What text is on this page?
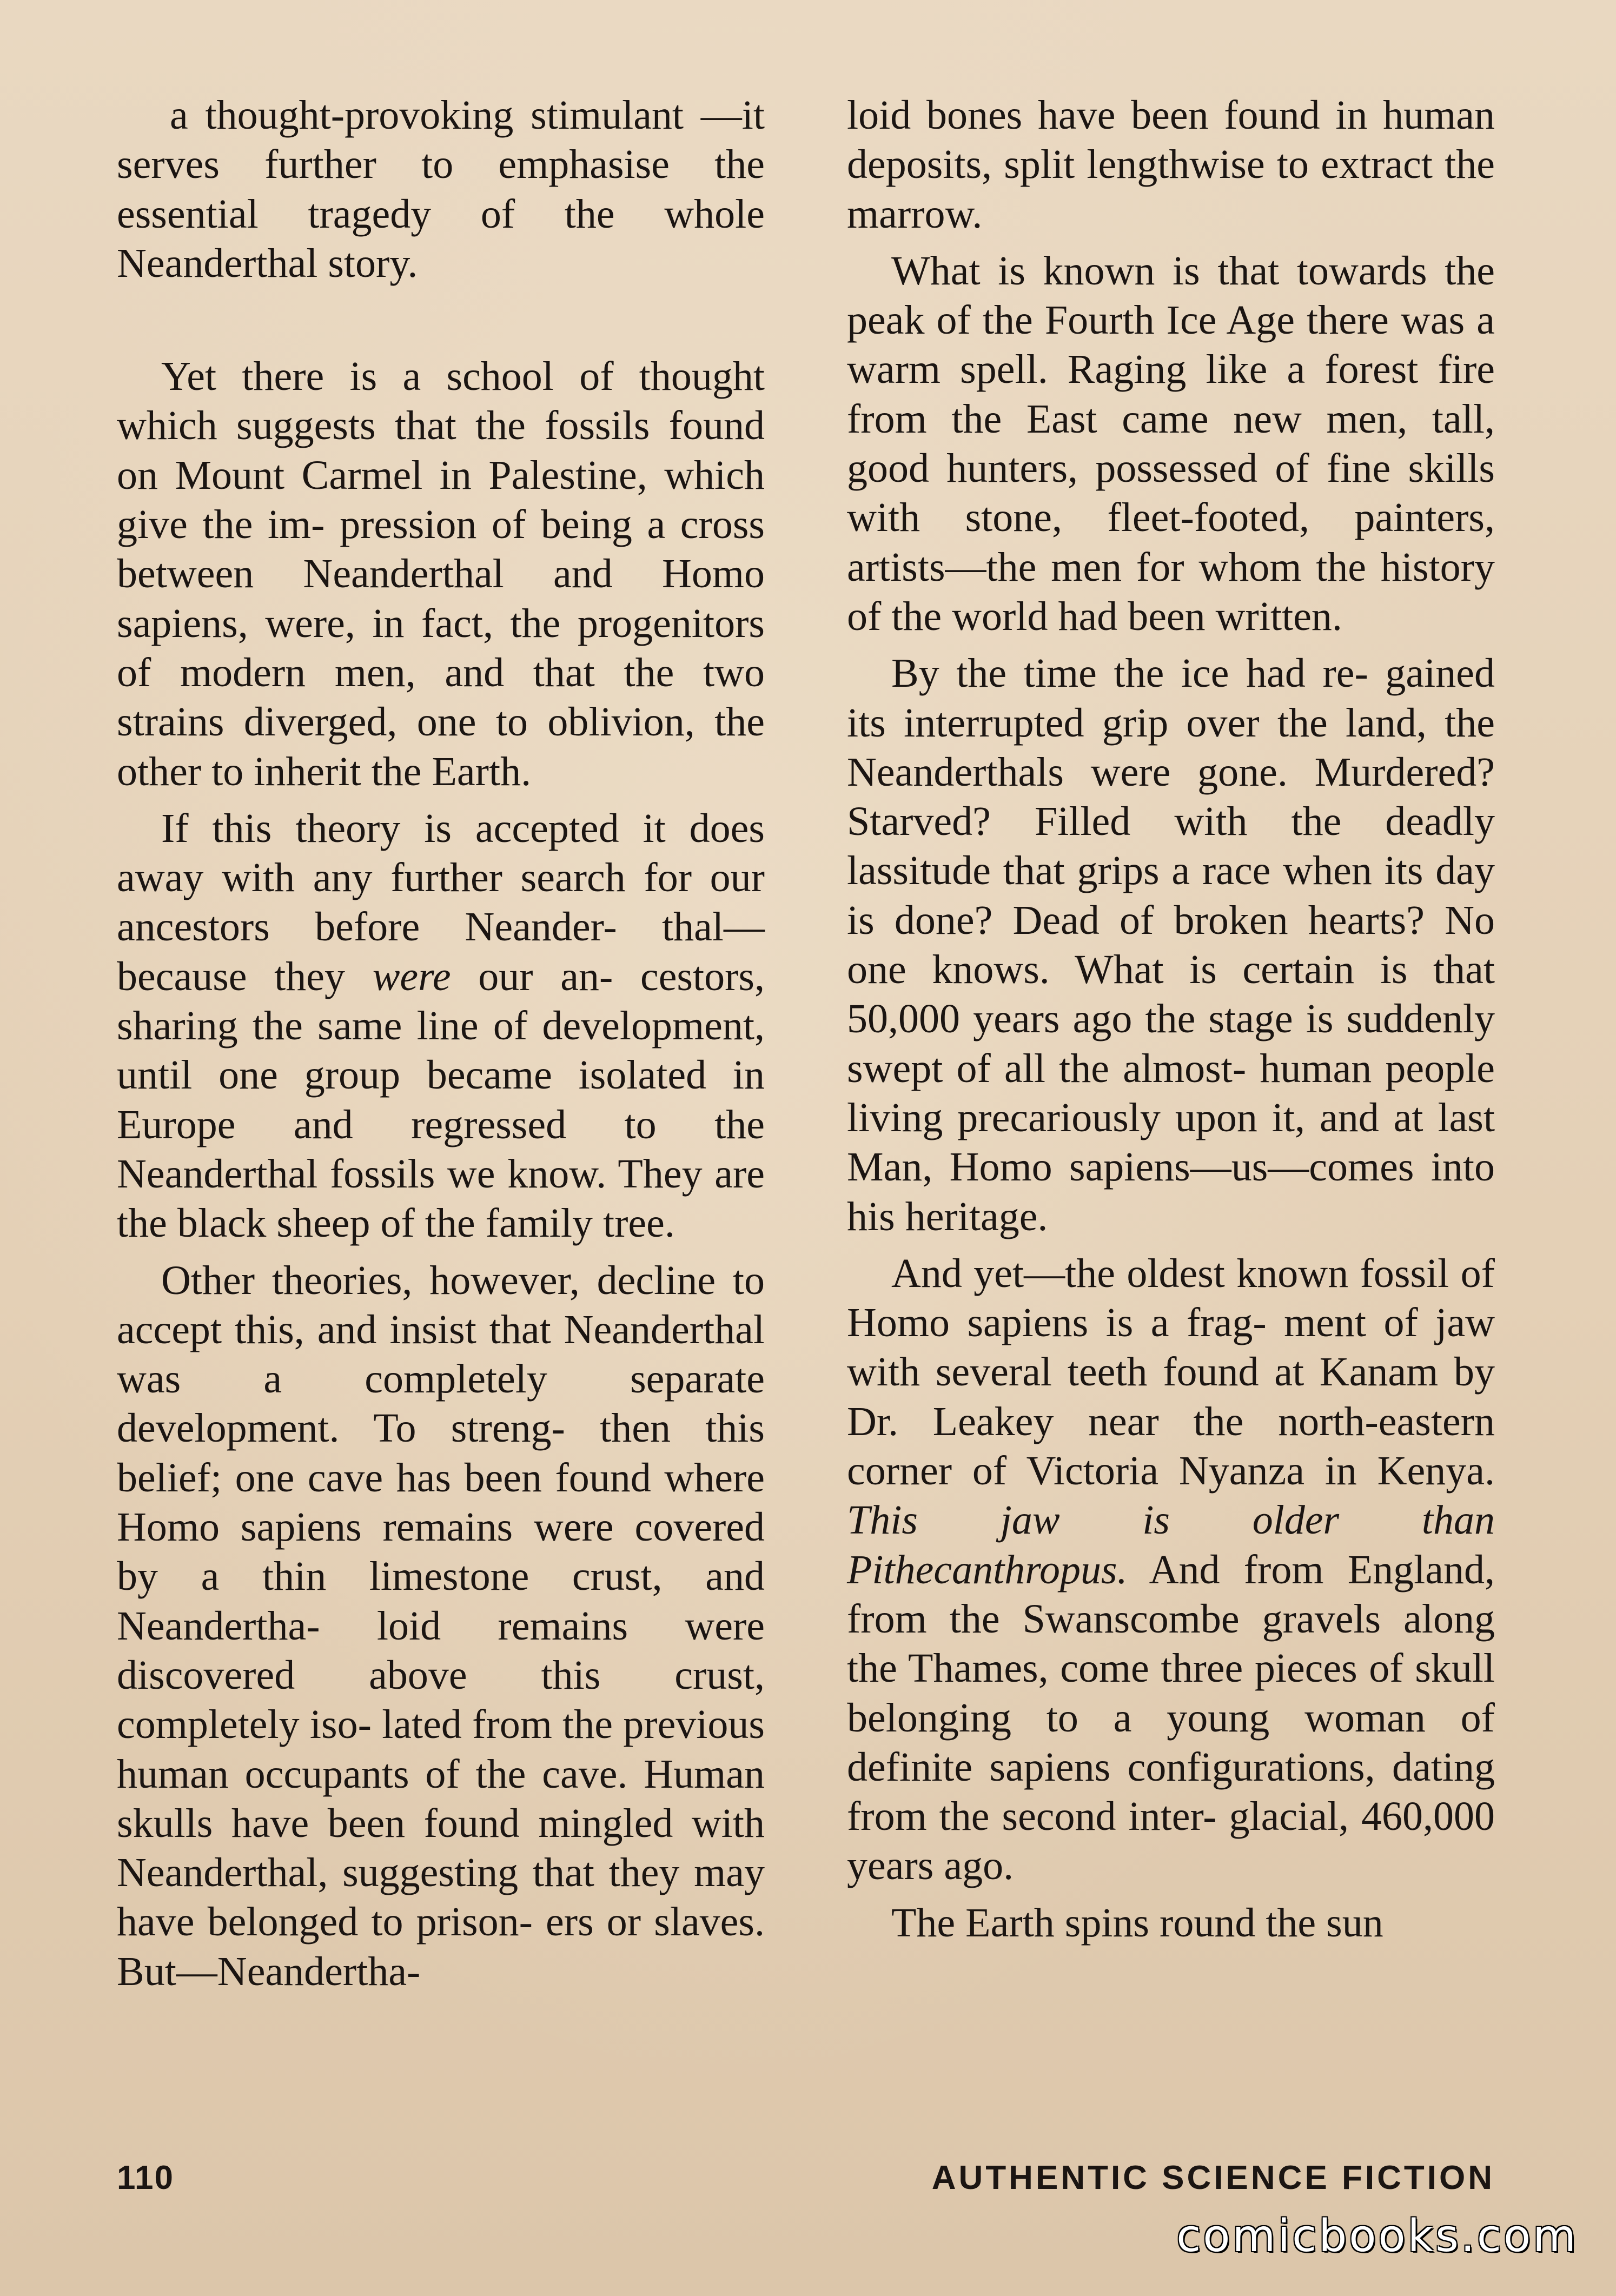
a thought-provoking stimulant —it serves further to emphasise the essential tragedy of the whole Neanderthal story.

Yet there is a school of thought which suggests that the fossils found on Mount Carmel in Palestine, which give the im- pression of being a cross between Neanderthal and Homo sapiens, were, in fact, the progenitors of modern men, and that the two strains diverged, one to oblivion, the other to inherit the Earth.

If this theory is accepted it does away with any further search for our ancestors before Neander- thal—because they were our an- cestors, sharing the same line of development, until one group became isolated in Europe and regressed to the Neanderthal fossils we know. They are the black sheep of the family tree.

Other theories, however, decline to accept this, and insist that Neanderthal was a completely separate development. To streng- then this belief; one cave has been found where Homo sapiens remains were covered by a thin limestone crust, and Neandertha- loid remains were discovered above this crust, completely iso- lated from the previous human occupants of the cave. Human skulls have been found mingled with Neanderthal, suggesting that they may have belonged to prison- ers or slaves. But—Neandertha-

loid bones have been found in human deposits, split lengthwise to extract the marrow.

What is known is that towards the peak of the Fourth Ice Age there was a warm spell. Raging like a forest fire from the East came new men, tall, good hunters, possessed of fine skills with stone, fleet-footed, painters, artists—the men for whom the history of the world had been written.

By the time the ice had re- gained its interrupted grip over the land, the Neanderthals were gone. Murdered? Starved? Filled with the deadly lassitude that grips a race when its day is done? Dead of broken hearts? No one knows. What is certain is that 50,000 years ago the stage is suddenly swept of all the almost- human people living precariously upon it, and at last Man, Homo sapiens—us—comes into his heritage.

And yet—the oldest known fossil of Homo sapiens is a frag- ment of jaw with several teeth found at Kanam by Dr. Leakey near the north-eastern corner of Victoria Nyanza in Kenya. This jaw is older than Pithecanthropus. And from England, from the Swanscombe gravels along the Thames, come three pieces of skull belonging to a young woman of definite sapiens configurations, dating from the second inter- glacial, 460,000 years ago.

The Earth spins round the sun

110	AUTHENTIC SCIENCE FICTION
comicbooks.com
